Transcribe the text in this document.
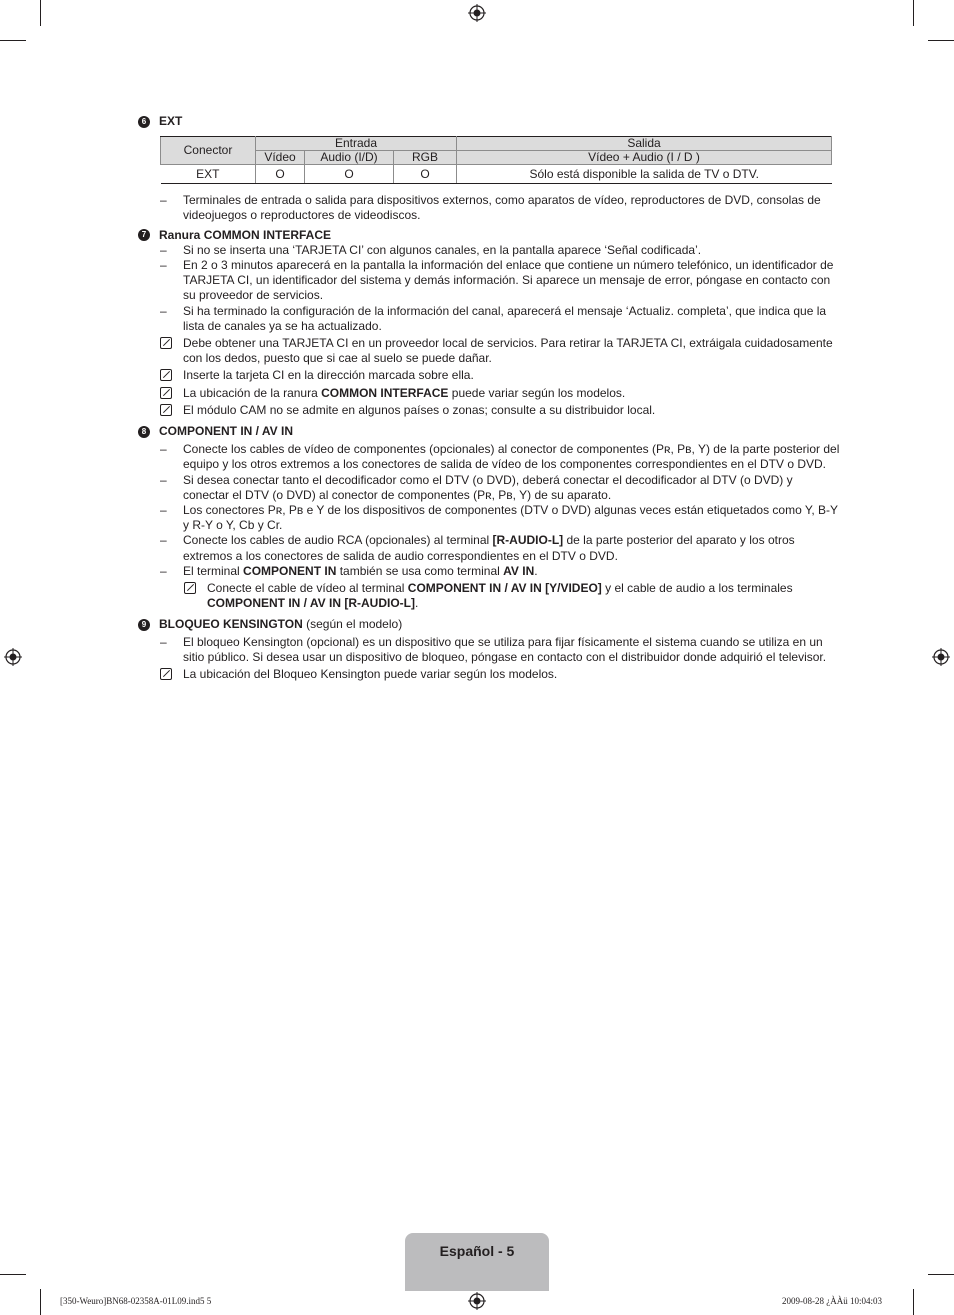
6	EXT
Conector	Entrada			Salida
	Vídeo	Audio (I/D)	RGB	Vídeo + Audio (I / D )
EXT	O	O	O	Sólo está disponible la salida de TV o DTV.
–	Terminales de entrada o salida para dispositivos externos, como aparatos de vídeo, reproductores de DVD, consolas de videojuegos o reproductores de videodiscos.
7	Ranura COMMON INTERFACE
–	Si no se inserta una ‘TARJETA CI’ con algunos canales, en la pantalla aparece ‘Señal codificada’.
–	En 2 o 3 minutos aparecerá en la pantalla la información del enlace que contiene un número telefónico, un identificador de TARJETA CI, un identificador del sistema y demás información. Si aparece un mensaje de error, póngase en contacto con su proveedor de servicios.
–	Si ha terminado la configuración de la información del canal, aparecerá el mensaje ‘Actualiz. completa’, que indica que la lista de canales ya se ha actualizado.
Debe obtener una TARJETA CI en un proveedor local de servicios. Para retirar la TARJETA CI, extráigala cuidadosamente con los dedos, puesto que si cae al suelo se puede dañar.
Inserte la tarjeta CI en la dirección marcada sobre ella.
La ubicación de la ranura COMMON INTERFACE puede variar según los modelos.
El módulo CAM no se admite en algunos países o zonas; consulte a su distribuidor local.
8	COMPONENT IN / AV IN
–	Conecte los cables de vídeo de componentes (opcionales) al conector de componentes (Pʀ, Pʙ, Y) de la parte posterior del equipo y los otros extremos a los conectores de salida de vídeo de los componentes correspondientes en el DTV o DVD.
–	Si desea conectar tanto el decodificador como el DTV (o DVD), deberá conectar el decodificador al DTV (o DVD) y conectar el DTV (o DVD) al conector de componentes (Pʀ, Pʙ, Y) de su aparato.
–	Los conectores Pʀ, Pʙ e Y de los dispositivos de componentes (DTV o DVD) algunas veces están etiquetados como Y, B-Y y R-Y o Y, Cb y Cr.
–	Conecte los cables de audio RCA (opcionales) al terminal [R-AUDIO-L] de la parte posterior del aparato y los otros extremos a los conectores de salida de audio correspondientes en el DTV o DVD.
–	El terminal COMPONENT IN también se usa como terminal AV IN.
Conecte el cable de vídeo al terminal COMPONENT IN / AV IN [Y/VIDEO] y el cable de audio a los terminales COMPONENT IN / AV IN [R-AUDIO-L].
9	BLOQUEO KENSINGTON (según el modelo)
–	El bloqueo Kensington (opcional) es un dispositivo que se utiliza para fijar físicamente el sistema cuando se utiliza en un sitio público. Si desea usar un dispositivo de bloqueo, póngase en contacto con el distribuidor donde adquirió el televisor.
La ubicación del Bloqueo Kensington puede variar según los modelos.
Español - 5
[350-Weuro]BN68-02358A-01L09.ind5 5	2009-08-28 ¿ÀÀü 10:04:03
